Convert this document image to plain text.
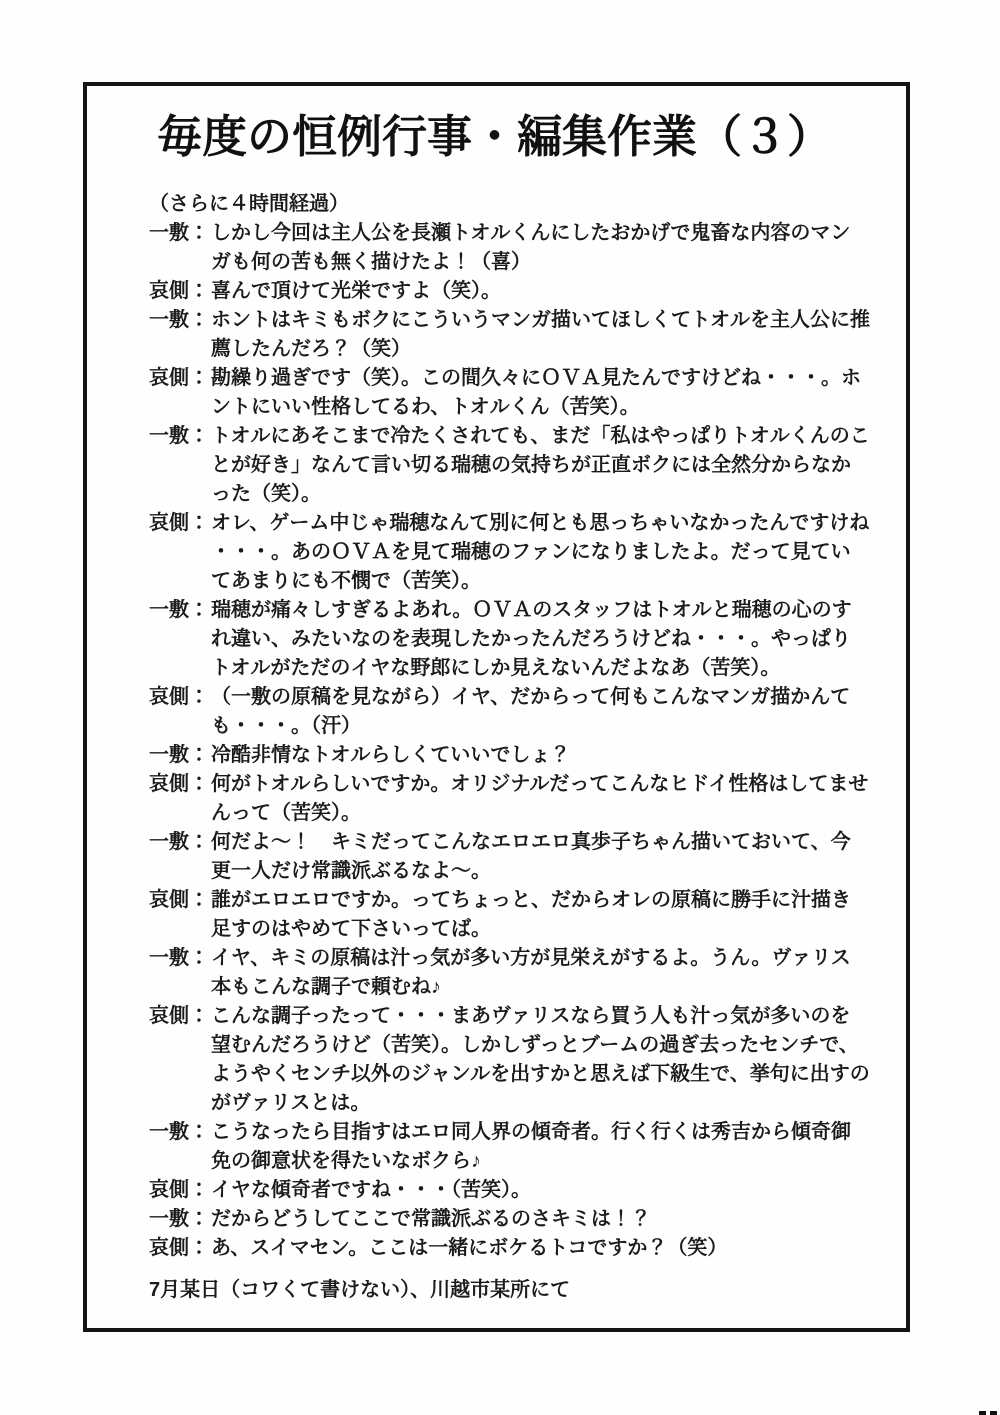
毎度の恒例行事・編集作業（３）

（さらに４時間経過）

一敷： しかし今回は主人公を長瀬トオルくんにしたおかげで鬼畜な内容のマンガも何の苦も無く描けたよ！（喜）

哀側： 喜んで頂けて光栄ですよ（笑）。

一敷： ホントはキミもボクにこういうマンガ描いてほしくてトオルを主人公に推薦したんだろ？（笑）

哀側： 勘繰り過ぎです（笑）。この間久々にＯＶＡ見たんですけどね・・・。ホントにいい性格してるわ、トオルくん（苦笑）。

一敷： トオルにあそこまで冷たくされても、まだ「私はやっぱりトオルくんのことが好き」なんて言い切る瑞穂の気持ちが正直ボクには全然分からなかった（笑）。

哀側： オレ、ゲーム中じゃ瑞穂なんて別に何とも思っちゃいなかったんですけね・・・。あのＯＶＡを見て瑞穂のファンになりましたよ。だって見ていてあまりにも不憫で（苦笑）。

一敷： 瑞穂が痛々しすぎるよあれ。ＯＶＡのスタッフはトオルと瑞穂の心のすれ違い、みたいなのを表現したかったんだろうけどね・・・。やっぱりトオルがただのイヤな野郎にしか見えないんだよなあ（苦笑）。

哀側： （一敷の原稿を見ながら）イヤ、だからって何もこんなマンガ描かんても・・・。（汗）

一敷： 冷酷非情なトオルらしくていいでしょ？

哀側： 何がトオルらしいですか。オリジナルだってこんなヒドイ性格はしてませんって（苦笑）。

一敷： 何だよ～！　キミだってこんなエロエロ真歩子ちゃん描いておいて、今更一人だけ常識派ぶるなよ～。

哀側： 誰がエロエロですか。ってちょっと、だからオレの原稿に勝手に汁描き足すのはやめて下さいってば。

一敷： イヤ、キミの原稿は汁っ気が多い方が見栄えがするよ。うん。ヴァリス本もこんな調子で頼むね♪

哀側： こんな調子ったって・・・まあヴァリスなら買う人も汁っ気が多いのを望むんだろうけど（苦笑）。しかしずっとブームの過ぎ去ったセンチで、ようやくセンチ以外のジャンルを出すかと思えば下級生で、挙句に出すのがヴァリスとは。

一敷： こうなったら目指すはエロ同人界の傾奇者。行く行くは秀吉から傾奇御免の御意状を得たいなボクら♪

哀側： イヤな傾奇者ですね・・・（苦笑）。

一敷： だからどうしてここで常識派ぶるのさキミは！？

哀側： あ、スイマセン。ここは一緒にボケるトコですか？（笑）

7月某日（コワくて書けない）、川越市某所にて
